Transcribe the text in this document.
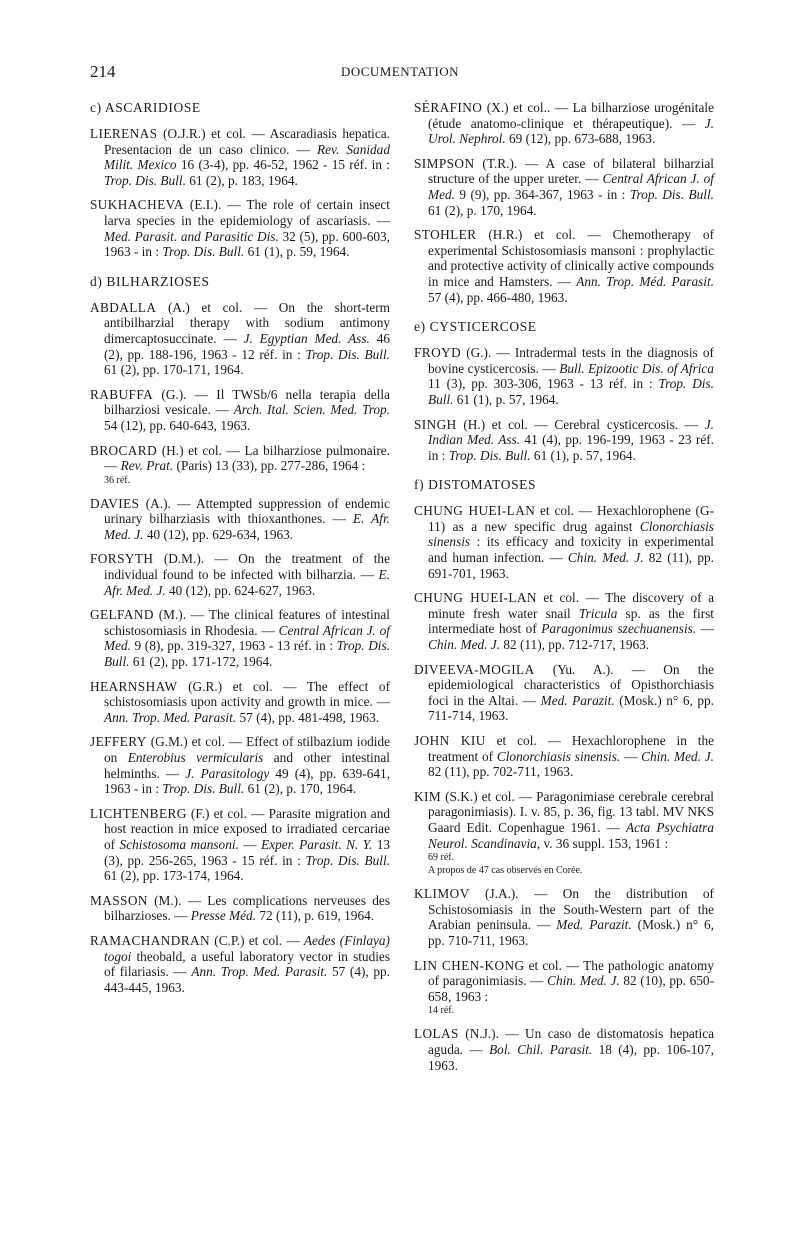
214	DOCUMENTATION
c) ASCARIDIOSE
LIERENAS (O.J.R.) et col. — Ascaradiasis hepatica. Presentacion de un caso clinico. — Rev. Sanidad Milit. Mexico 16 (3-4), pp. 46-52, 1962 - 15 réf. in : Trop. Dis. Bull. 61 (2), p. 183, 1964.
SUKHACHEVA (E.I.). — The role of certain insect larva species in the epidemiology of ascariasis. — Med. Parasit. and Parasitic Dis. 32 (5), pp. 600-603, 1963 - in : Trop. Dis. Bull. 61 (1), p. 59, 1964.
d) BILHARZIOSES
ABDALLA (A.) et col. — On the short-term antibilharzial therapy with sodium antimony dimercaptosuccinate. — J. Egyptian Med. Ass. 46 (2), pp. 188-196, 1963 - 12 réf. in : Trop. Dis. Bull. 61 (2), pp. 170-171, 1964.
RABUFFA (G.). — Il TWSb/6 nella terapia della bilharziosi vesicale. — Arch. Ital. Scien. Med. Trop. 54 (12), pp. 640-643, 1963.
BROCARD (H.) et col. — La bilharziose pulmonaire. — Rev. Prat. (Paris) 13 (33), pp. 277-286, 1964 :
36 réf.
DAVIES (A.). — Attempted suppression of endemic urinary bilharziasis with thioxanthones. — E. Afr. Med. J. 40 (12), pp. 629-634, 1963.
FORSYTH (D.M.). — On the treatment of the individual found to be infected with bilharzia. — E. Afr. Med. J. 40 (12), pp. 624-627, 1963.
GELFAND (M.). — The clinical features of intestinal schistosomiasis in Rhodesia. — Central African J. of Med. 9 (8), pp. 319-327, 1963 - 13 réf. in : Trop. Dis. Bull. 61 (2), pp. 171-172, 1964.
HEARNSHAW (G.R.) et col. — The effect of schistosomiasis upon activity and growth in mice. — Ann. Trop. Med. Parasit. 57 (4), pp. 481-498, 1963.
JEFFERY (G.M.) et col. — Effect of stilbazium iodide on Enterobius vermicularis and other intestinal helminths. — J. Parasitology 49 (4), pp. 639-641, 1963 - in : Trop. Dis. Bull. 61 (2), p. 170, 1964.
LICHTENBERG (F.) et col. — Parasite migration and host reaction in mice exposed to irradiated cercariae of Schistosoma mansoni. — Exper. Parasit. N. Y. 13 (3), pp. 256-265, 1963 - 15 réf. in : Trop. Dis. Bull. 61 (2), pp. 173-174, 1964.
MASSON (M.). — Les complications nerveuses des bilharzioses. — Presse Méd. 72 (11), p. 619, 1964.
RAMACHANDRAN (C.P.) et col. — Aedes (Finlaya) togoi theobald, a useful laboratory vector in studies of filariasis. — Ann. Trop. Med. Parasit. 57 (4), pp. 443-445, 1963.
SÉRAFINO (X.) et col.. — La bilharziose urogénitale (étude anatomo-clinique et thérapeutique). — J. Urol. Nephrol. 69 (12), pp. 673-688, 1963.
SIMPSON (T.R.). — A case of bilateral bilharzial structure of the upper ureter. — Central African J. of Med. 9 (9), pp. 364-367, 1963 - in : Trop. Dis. Bull. 61 (2), p. 170, 1964.
STOHLER (H.R.) et col. — Chemotherapy of experimental Schistosomiasis mansoni : prophylactic and protective activity of clinically active compounds in mice and Hamsters. — Ann. Trop. Méd. Parasit. 57 (4), pp. 466-480, 1963.
e) CYSTICERCOSE
FROYD (G.). — Intradermal tests in the diagnosis of bovine cysticercosis. — Bull. Epizootic Dis. of Africa 11 (3), pp. 303-306, 1963 - 13 réf. in : Trop. Dis. Bull. 61 (1), p. 57, 1964.
SINGH (H.) et col. — Cerebral cysticercosis. — J. Indian Med. Ass. 41 (4), pp. 196-199, 1963 - 23 réf. in : Trop. Dis. Bull. 61 (1), p. 57, 1964.
f) DISTOMATOSES
CHUNG HUEI-LAN et col. — Hexachlorophene (G-11) as a new specific drug against Clonorchiasis sinensis : its efficacy and toxicity in experimental and human infection. — Chin. Med. J. 82 (11), pp. 691-701, 1963.
CHUNG HUEI-LAN et col. — The discovery of a minute fresh water snail Tricula sp. as the first intermediate host of Paragonimus szechuanensis. — Chin. Med. J. 82 (11), pp. 712-717, 1963.
DIVEEVA-MOGILA (Yu. A.). — On the epidemiological characteristics of Opisthorchiasis foci in the Altai. — Med. Parazit. (Mosk.) n° 6, pp. 711-714, 1963.
JOHN KIU et col. — Hexachlorophene in the treatment of Clonorchiasis sinensis. — Chin. Med. J. 82 (11), pp. 702-711, 1963.
KIM (S.K.) et col. — Paragonimiase cerebrale cerebral paragonimiasis). I. v. 85, p. 36, fig. 13 tabl. MV NKS Gaard Edit. Copenhague 1961. — Acta Psychiatra Neurol. Scandinavia, v. 36 suppl. 153, 1961 :
69 réf.
A propos de 47 cas observés en Corée.
KLIMOV (J.A.). — On the distribution of Schistosomiasis in the South-Western part of the Arabian peninsula. — Med. Parazit. (Mosk.) n° 6, pp. 710-711, 1963.
LIN CHEN-KONG et col. — The pathologic anatomy of paragonimiasis. — Chin. Med. J. 82 (10), pp. 650-658, 1963 :
14 réf.
LOLAS (N.J.). — Un caso de distomatosis hepatica aguda. — Bol. Chil. Parasit. 18 (4), pp. 106-107, 1963.
